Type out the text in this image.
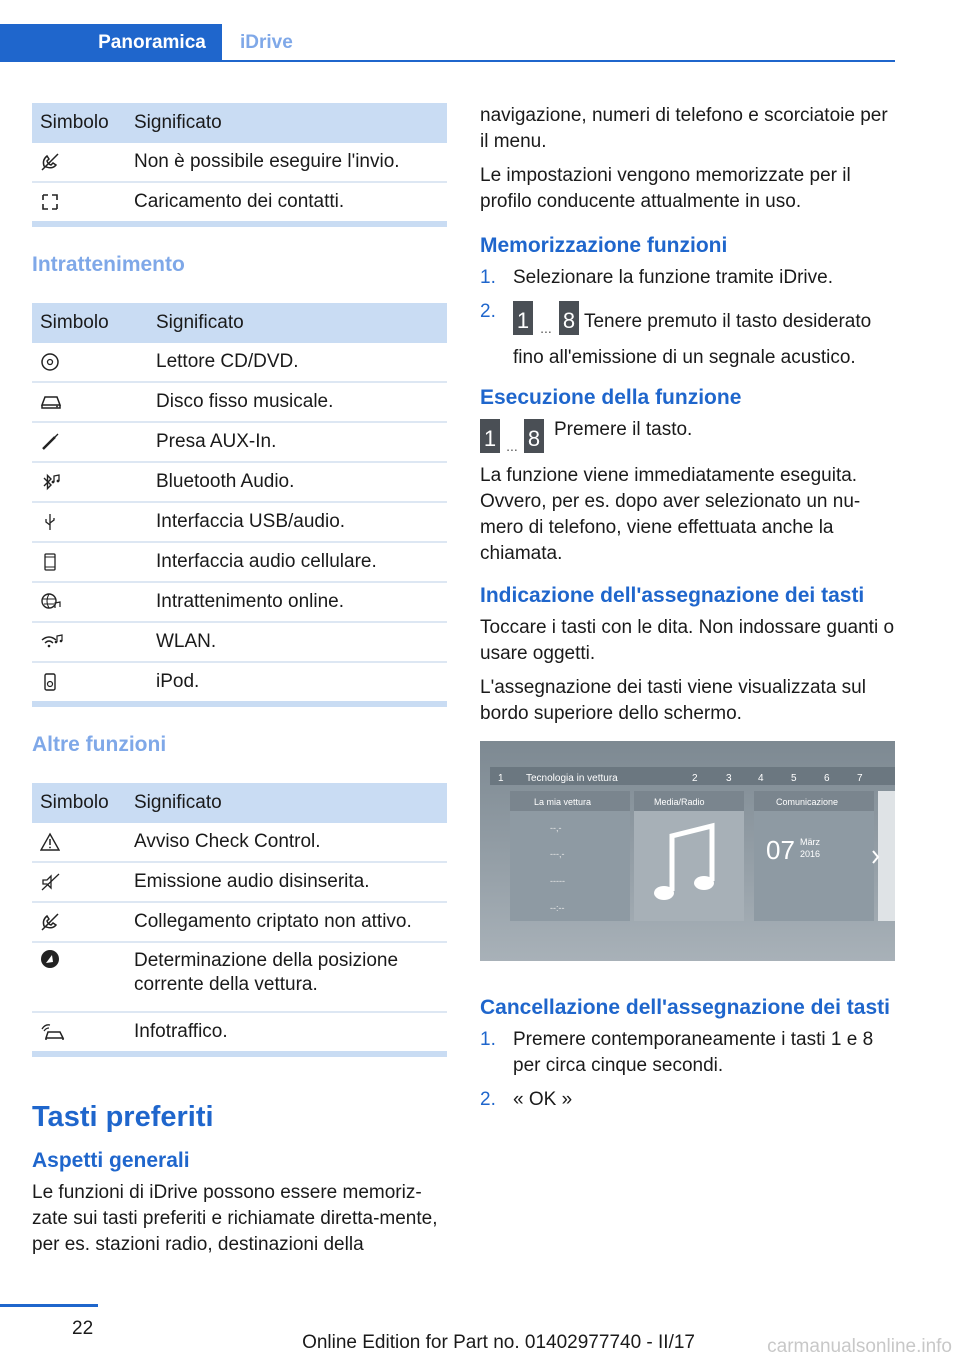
Panoramica	iDrive
Simbolo	Significato

	Non è possibile eseguire l'invio.

	Caricamento dei contatti.
Intrattenimento
Simbolo	Significato

	Lettore CD/DVD.

	Disco fisso musicale.

	Presa AUX-In.

	Bluetooth Audio.

	Interfaccia USB/audio.

	Interfaccia audio cellulare.

	Intrattenimento online.

	WLAN.

	iPod.
Altre funzioni
Simbolo	Significato

	Avviso Check Control.

	Emissione audio disinserita.

	Collegamento criptato non attivo.

	Determinazione della posizione corrente della vettura.

	Infotraffico.
Tasti preferiti
Aspetti generali

Le funzioni di iDrive possono essere memoriz‐zate sui tasti preferiti e richiamate diretta‐mente, per es. stazioni radio, destinazioni della

navigazione, numeri di telefono e scorciatoie per il menu.

Le impostazioni vengono memorizzate per il profilo conducente attualmente in uso.

Memorizzazione funzioni
1. Selezionare la funzione tramite iDrive.
2. 1 ... 8 Tenere premuto il tasto desiderato fino all'emissione di un segnale acustico.
Esecuzione della funzione
1 ... 8 Premere il tasto.

La funzione viene immediatamente eseguita. Ovvero, per es. dopo aver selezionato un nu‐mero di telefono, viene effettuata anche la chiamata.

Indicazione dell'assegnazione dei tasti

Toccare i tasti con le dita. Non indossare guanti o usare oggetti.

L'assegnazione dei tasti viene visualizzata sul bordo superiore dello schermo.

1 Tecnologia in vettura	2	3	4	5	6	7
La mia vettura
--,-
---,-
-----
--:--
Media/Radio	Comunicazione
07 März
2016
Cancellazione dell'assegnazione dei tasti
1. Premere contemporaneamente i tasti 1 e 8 per circa cinque secondi.
2. « OK »
22
Online Edition for Part no. 01402977740 - II/17	carmanualsonline.info
